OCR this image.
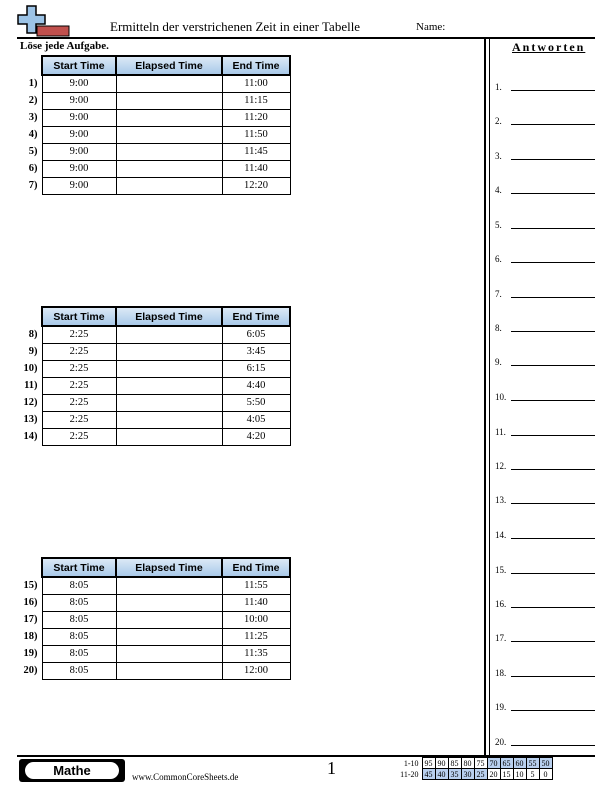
Ermitteln der verstrichenen Zeit in einer Tabelle	Name:
Löse jede Aufgabe.
	Start Time	Elapsed Time	End Time
1)	9:00		11:00
2)	9:00		11:15
3)	9:00		11:20
4)	9:00		11:50
5)	9:00		11:45
6)	9:00		11:40
7)	9:00		12:20
	Start Time	Elapsed Time	End Time
8)	2:25		6:05
9)	2:25		3:45
10)	2:25		6:15
11)	2:25		4:40
12)	2:25		5:50
13)	2:25		4:05
14)	2:25		4:20
	Start Time	Elapsed Time	End Time
15)	8:05		11:55
16)	8:05		11:40
17)	8:05		10:00
18)	8:05		11:25
19)	8:05		11:35
20)	8:05		12:00
Antworten
1.
2.
3.
4.
5.
6.
7.
8.
9.
10.
11.
12.
13.
14.
15.
16.
17.
18.
19.
20.
Mathe	www.CommonCoreSheets.de	1	1-10	95	90	85	80	75	70	65	60	55	50
11-20	45	40	35	30	25	20	15	10	5	0
